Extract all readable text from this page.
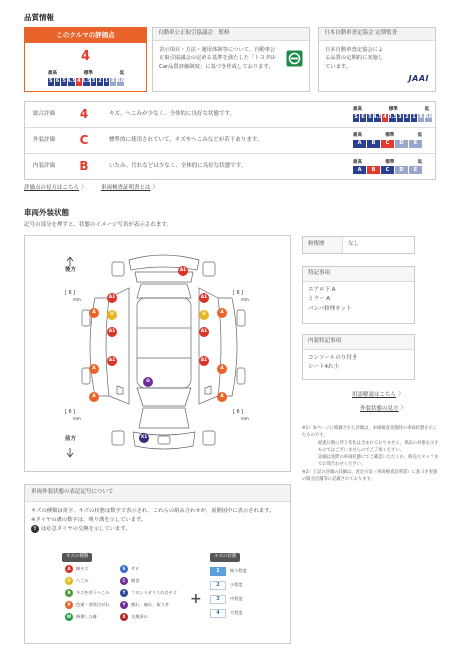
品質情報
このクルマの評価点
4
最高	標準	低
S 6 5 4.5 4 3.5 3 2 1 R RA
自動車公正取引協議会　監修
表示項目・方法・運用体制等について、自動車公正取引協議会の定める基準を満たした「トヨタU-Car品質評価制度」に基づき作成しております。
日本自動車査定協会 定期監査
日本自動車査定協会による品質の定期的に実施しています。
JAAI
総合評価	4	キズ、へこみが少なく、全体的に良好な状態です。
最高	標準	低
S 6 5 4.5 4 3.5 3 2 1 R RA
外装評価	C	標準的に使用されていて、キズやへこみなどが若干あります。
最高	標準	低
A	B	C	D	E
内装評価	B	いたみ、汚れなどは少なく、全体的に良好な状態です。
最高	標準	低
A	B	C	D	E
評価点の見方はこちら 〉	車両検査証明書とは 〉
車両外装状態
記号の部分を押すと、状態のイメージ写真が表示されます。
後方
前方
[ 6 ]
mm
[ 6 ]
mm
[ 6 ]
mm
[ 6 ]
mm
A1
A1	A1
A	U	U	A
A1	A1
A1
A
A1
A
G
A	A
X1
修復歴	なし
特記事項
エアロ下 A
ミラー A
バンパ修理キット
内装特記事項
コンソールのり付き
シート4れ小
用語解説はこちら 〉
外装状態の見方 〉
※1）本ページに掲載された評価は、車両検査実施時の車両状態を示したものです。
経過日数に伴う変化は含まれておりません。保証の対象を示すものではございませんのでご了承ください。
詳細は実際の車両状態にてご確認いただくか、販売スタッフまでお問合わせください。
※2）上記の評価の詳細は、査定方法（車両検査証明書）に基づき実施の販売店舗等に記載されております。
車両外装状態の表記記号について
キズの種類は英字、キズの状態は数字で表示され、これらの組み合わせが、展開図中に表示されます。
※タイヤの溝の数字は、残り溝を示しています。
T は応急タイヤの交換を示しています。
キズの種類	キズの状態
A	線キズ
U	へこみ
B	キズを伴うへこみ
P	色違・塗装はがれ
W	修理した跡
S	サビ
C	腐食
Y	フロントガラスの点キズ
Y	割れ、破れ、取り外
X	交換済み
+
1	極小程度
2	小程度
3	中程度
4	大程度
